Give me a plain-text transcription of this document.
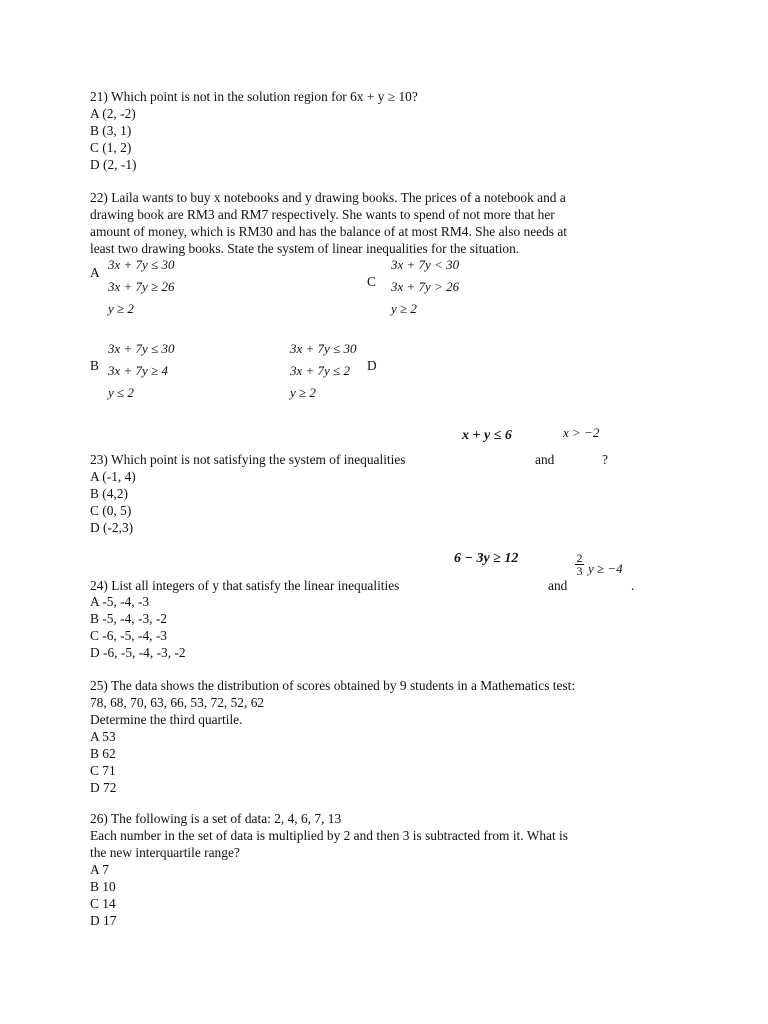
21) Which point is not in the solution region for 6x + y ≥ 10?
A (2, -2)
B (3, 1)
C (1, 2)
D (2, -1)
22) Laila wants to buy x notebooks and y drawing books. The prices of a notebook and a
drawing book are RM3 and RM7 respectively. She wants to spend of not more that her
amount of money, which is RM30 and has the balance of at most RM4. She also needs at
least two drawing books. State the system of linear inequalities for the situation.
A
3x + 7y ≤ 30
3x + 7y ≥ 26
y ≥ 2
C
3x + 7y < 30
3x + 7y > 26
y ≥ 2
B
3x + 7y ≤ 30
3x + 7y ≥ 4
y ≤ 2
3x + 7y ≤ 30
3x + 7y ≤ 2
y ≥ 2
D
x + y ≤ 6	x > −2
23) Which point is not satisfying the system of inequalities	and	?
A (-1, 4)
B (4,2)
C (0, 5)
D (-2,3)
6 − 3y ≥ 12	2
3 y ≥ −4
24) List all integers of y that satisfy the linear inequalities	and	.
A -5, -4, -3
B -5, -4, -3, -2
C -6, -5, -4, -3
D -6, -5, -4, -3, -2
25) The data shows the distribution of scores obtained by 9 students in a Mathematics test:
78, 68, 70, 63, 66, 53, 72, 52, 62
Determine the third quartile.
A 53
B 62
C 71
D 72
26) The following is a set of data: 2, 4, 6, 7, 13
Each number in the set of data is multiplied by 2 and then 3 is subtracted from it. What is
the new interquartile range?
A 7
B 10
C 14
D 17
